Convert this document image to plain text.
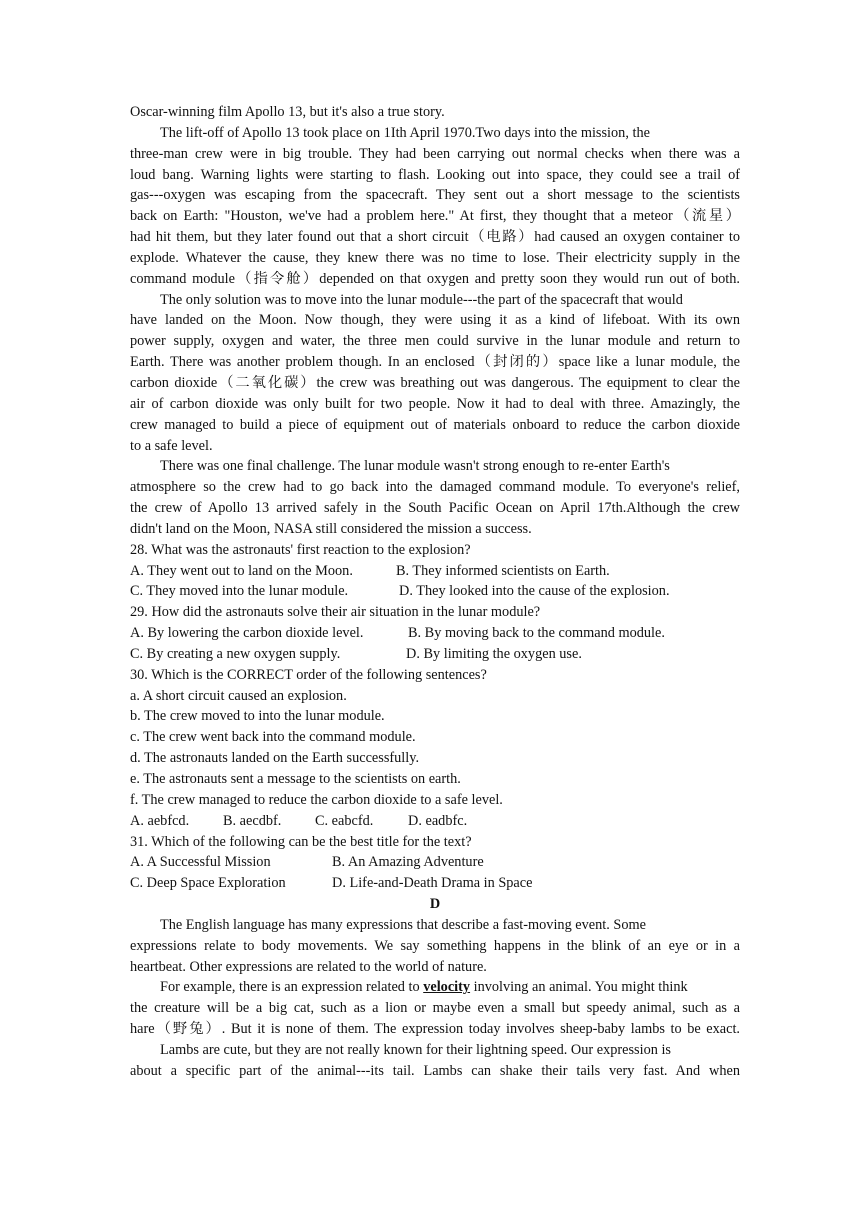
Oscar-winning film Apollo 13, but it's also a true story.
The lift-off of Apollo 13 took place on 1Ith April 1970.Two days into the mission, the
three-man crew were in big trouble. They had been carrying out normal checks when there was a
loud bang. Warning lights were starting to flash. Looking out into space, they could see a trail of
gas---oxygen was escaping from the spacecraft. They sent out a short message to the scientists
back on Earth: "Houston, we've had a problem here." At first, they thought that a meteor（流星）
had hit them, but they later found out that a short circuit（电路）had caused an oxygen container to
explode. Whatever the cause, they knew there was no time to lose. Their electricity supply in the
command module（指令舱）depended on that oxygen and pretty soon they would run out of both.
The only solution was to move into the lunar module---the part of the spacecraft that would
have landed on the Moon. Now though, they were using it as a kind of lifeboat. With its own
power supply, oxygen and water, the three men could survive in the lunar module and return to
Earth. There was another problem though. In an enclosed（封闭的）space like a lunar module, the
carbon dioxide（二氧化碳）the crew was breathing out was dangerous. The equipment to clear the
air of carbon dioxide was only built for two people. Now it had to deal with three. Amazingly, the
crew managed to build a piece of equipment out of materials onboard to reduce the carbon dioxide
to a safe level.
There was one final challenge. The lunar module wasn't strong enough to re-enter Earth's
atmosphere so the crew had to go back into the damaged command module. To everyone's relief,
the crew of Apollo 13 arrived safely in the South Pacific Ocean on April 17th.Although the crew
didn't land on the Moon, NASA still considered the mission a success.
28. What was the astronauts' first reaction to the explosion?
A. They went out to land on the Moon.	B. They informed scientists on Earth.
C. They moved into the lunar module.	D. They looked into the cause of the explosion.
29. How did the astronauts solve their air situation in the lunar module?
A. By lowering the carbon dioxide level.	B. By moving back to the command module.
C. By creating a new oxygen supply.	D. By limiting the oxygen use.
30. Which is the CORRECT order of the following sentences?
a. A short circuit caused an explosion.
b. The crew moved to into the lunar module.
c. The crew went back into the command module.
d. The astronauts landed on the Earth successfully.
e. The astronauts sent a message to the scientists on earth.
f. The crew managed to reduce the carbon dioxide to a safe level.
A. aebfcd. B. aecdbf. C. eabcfd. D. eadbfc.
31. Which of the following can be the best title for the text?
A. A Successful Mission	B. An Amazing Adventure
C. Deep Space Exploration	D. Life-and-Death Drama in Space
D
The English language has many expressions that describe a fast-moving event. Some
expressions relate to body movements. We say something happens in the blink of an eye or in a
heartbeat. Other expressions are related to the world of nature.
For example, there is an expression related to velocity involving an animal. You might think
the creature will be a big cat, such as a lion or maybe even a small but speedy animal, such as a
hare（野兔）. But it is none of them. The expression today involves sheep-baby lambs to be exact.
Lambs are cute, but they are not really known for their lightning speed. Our expression is
about a specific part of the animal---its tail. Lambs can shake their tails very fast. And when
